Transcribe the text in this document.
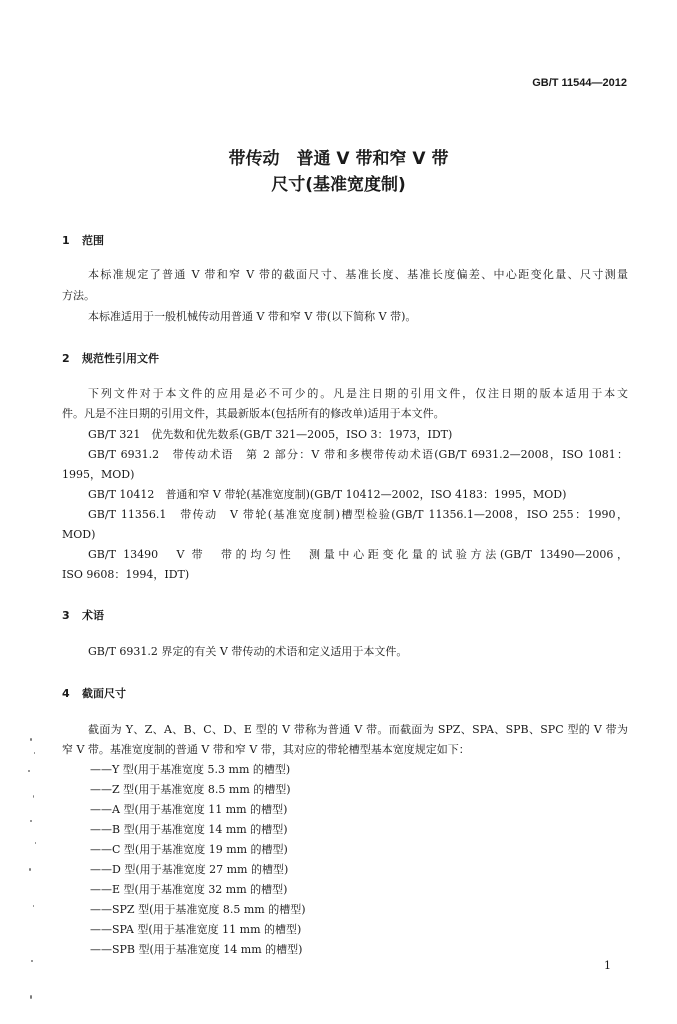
GB/T 11544—2012
带传动　普通 V 带和窄 V 带
尺寸(基准宽度制)
1 范围
本标准规定了普通 V 带和窄 V 带的截面尺寸、基准长度、基准长度偏差、中心距变化量、尺寸测量
方法。
本标准适用于一般机械传动用普通 V 带和窄 V 带(以下简称 V 带)。
2 规范性引用文件
下列文件对于本文件的应用是必不可少的。凡是注日期的引用文件，仅注日期的版本适用于本文
件。凡是不注日期的引用文件，其最新版本(包括所有的修改单)适用于本文件。
GB/T 321　优先数和优先数系(GB/T 321—2005，ISO 3：1973，IDT)
GB/T 6931.2　带传动术语　第 2 部分：V 带和多楔带传动术语(GB/T 6931.2—2008，ISO 1081：
1995，MOD)
GB/T 10412　普通和窄 V 带轮(基准宽度制)(GB/T 10412—2002，ISO 4183：1995，MOD)
GB/T 11356.1　带传动　V 带轮(基准宽度制)槽型检验(GB/T 11356.1—2008，ISO 255：1990，
MOD)
GB/T 13490　V 带　带的均匀性　测量中心距变化量的试验方法(GB/T 13490—2006，
ISO 9608：1994，IDT)
3 术语
GB/T 6931.2 界定的有关 V 带传动的术语和定义适用于本文件。
4 截面尺寸
截面为 Y、Z、A、B、C、D、E 型的 V 带称为普通 V 带。而截面为 SPZ、SPA、SPB、SPC 型的 V 带为
窄 V 带。基准宽度制的普通 V 带和窄 V 带，其对应的带轮槽型基本宽度规定如下：
——Y 型(用于基准宽度 5.3 mm 的槽型)
——Z 型(用于基准宽度 8.5 mm 的槽型)
——A 型(用于基准宽度 11 mm 的槽型)
——B 型(用于基准宽度 14 mm 的槽型)
——C 型(用于基准宽度 19 mm 的槽型)
——D 型(用于基准宽度 27 mm 的槽型)
——E 型(用于基准宽度 32 mm 的槽型)
——SPZ 型(用于基准宽度 8.5 mm 的槽型)
——SPA 型(用于基准宽度 11 mm 的槽型)
——SPB 型(用于基准宽度 14 mm 的槽型)
1
